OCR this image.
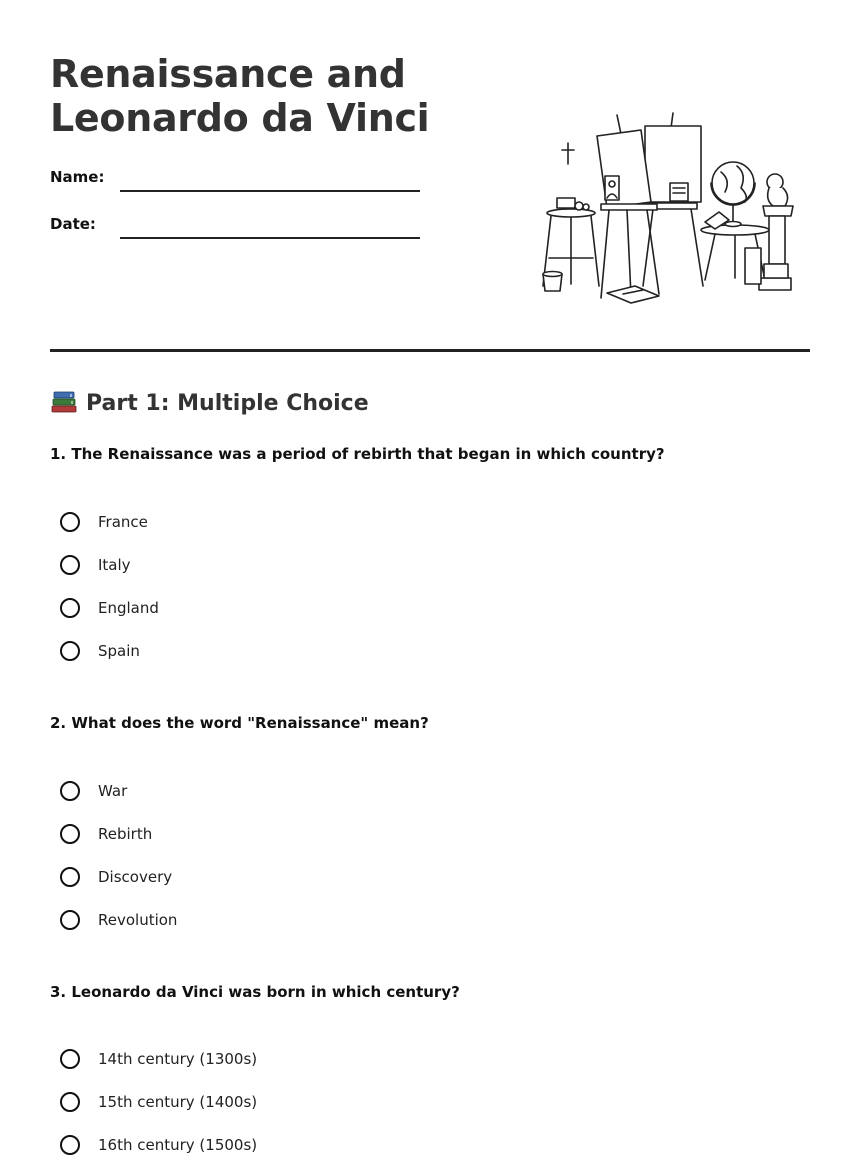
Renaissance and
Leonardo da Vinci
Name:
Date:
Part 1: Multiple Choice

1. The Renaissance was a period of rebirth that began in which country?

France
Italy
England
Spain

2. What does the word "Renaissance" mean?

War
Rebirth
Discovery
Revolution

3. Leonardo da Vinci was born in which century?

14th century (1300s)
15th century (1400s)
16th century (1500s)
